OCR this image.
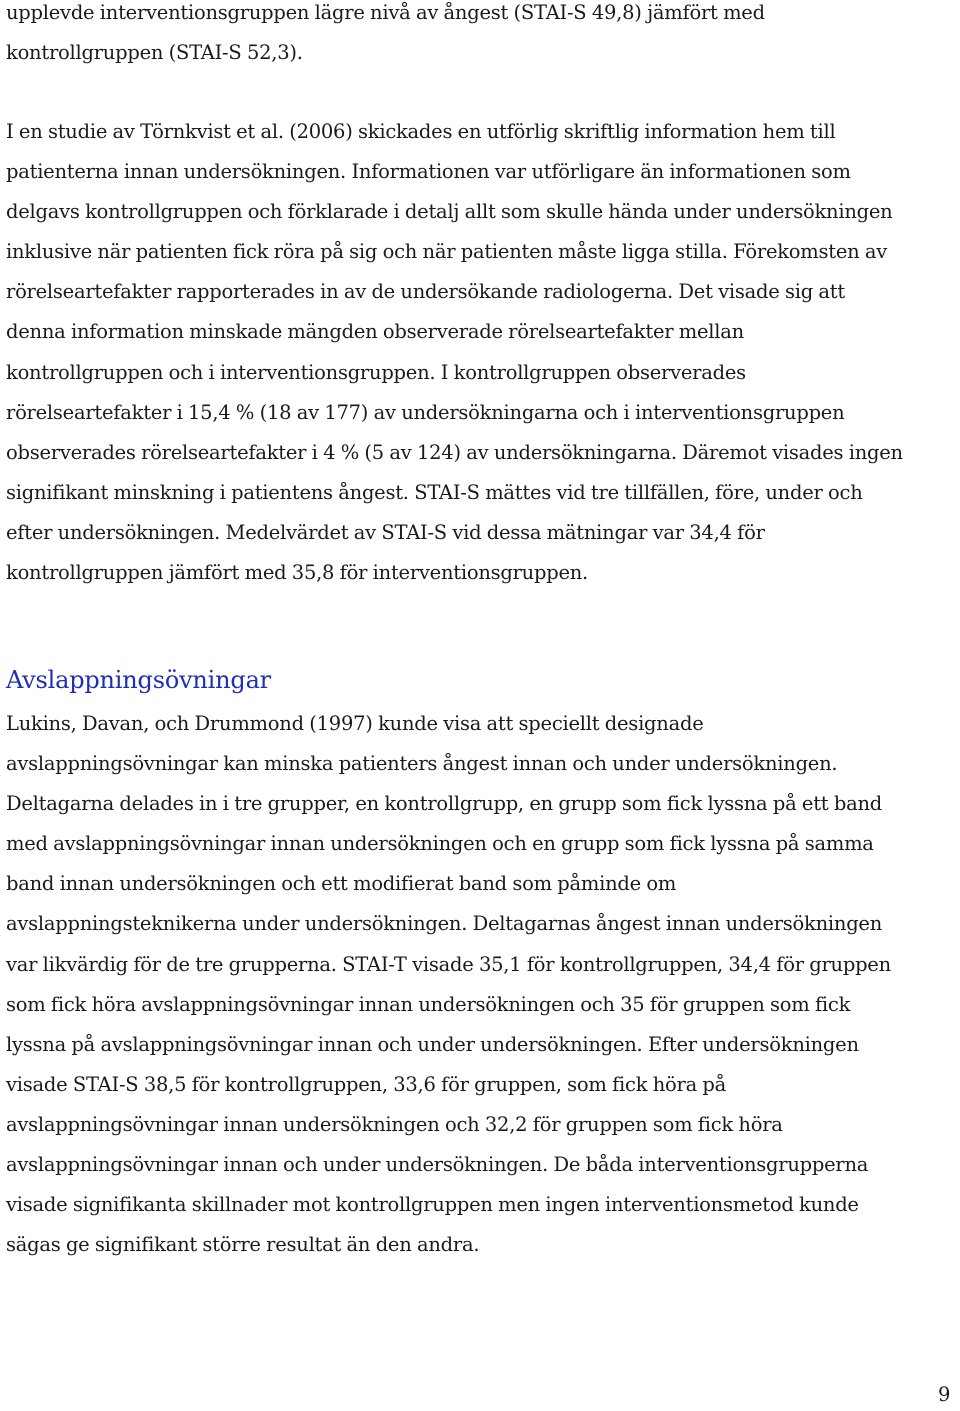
upplevde interventionsgruppen lägre nivå av ångest (STAI-S 49,8) jämfört med
kontrollgruppen (STAI-S 52,3).

I en studie av Törnkvist et al. (2006) skickades en utförlig skriftlig information hem till
patienterna innan undersökningen. Informationen var utförligare än informationen som
delgavs kontrollgruppen och förklarade i detalj allt som skulle hända under undersökningen
inklusive när patienten fick röra på sig och när patienten måste ligga stilla. Förekomsten av
rörelseartefakter rapporterades in av de undersökande radiologerna. Det visade sig att
denna information minskade mängden observerade rörelseartefakter mellan
kontrollgruppen och i interventionsgruppen. I kontrollgruppen observerades
rörelseartefakter i 15,4 % (18 av 177) av undersökningarna och i interventionsgruppen
observerades rörelseartefakter i 4 % (5 av 124) av undersökningarna. Däremot visades ingen
signifikant minskning i patientens ångest. STAI-S mättes vid tre tillfällen, före, under och
efter undersökningen. Medelvärdet av STAI-S vid dessa mätningar var 34,4 för
kontrollgruppen jämfört med 35,8 för interventionsgruppen.

Avslappningsövningar

Lukins, Davan, och Drummond (1997) kunde visa att speciellt designade
avslappningsövningar kan minska patienters ångest innan och under undersökningen.
Deltagarna delades in i tre grupper, en kontrollgrupp, en grupp som fick lyssna på ett band
med avslappningsövningar innan undersökningen och en grupp som fick lyssna på samma
band innan undersökningen och ett modifierat band som påminde om
avslappningsteknikerna under undersökningen. Deltagarnas ångest innan undersökningen
var likvärdig för de tre grupperna. STAI-T visade 35,1 för kontrollgruppen, 34,4 för gruppen
som fick höra avslappningsövningar innan undersökningen och 35 för gruppen som fick
lyssna på avslappningsövningar innan och under undersökningen. Efter undersökningen
visade STAI-S 38,5 för kontrollgruppen, 33,6 för gruppen, som fick höra på
avslappningsövningar innan undersökningen och 32,2 för gruppen som fick höra
avslappningsövningar innan och under undersökningen. De båda interventionsgrupperna
visade signifikanta skillnader mot kontrollgruppen men ingen interventionsmetod kunde
sägas ge signifikant större resultat än den andra.

9
